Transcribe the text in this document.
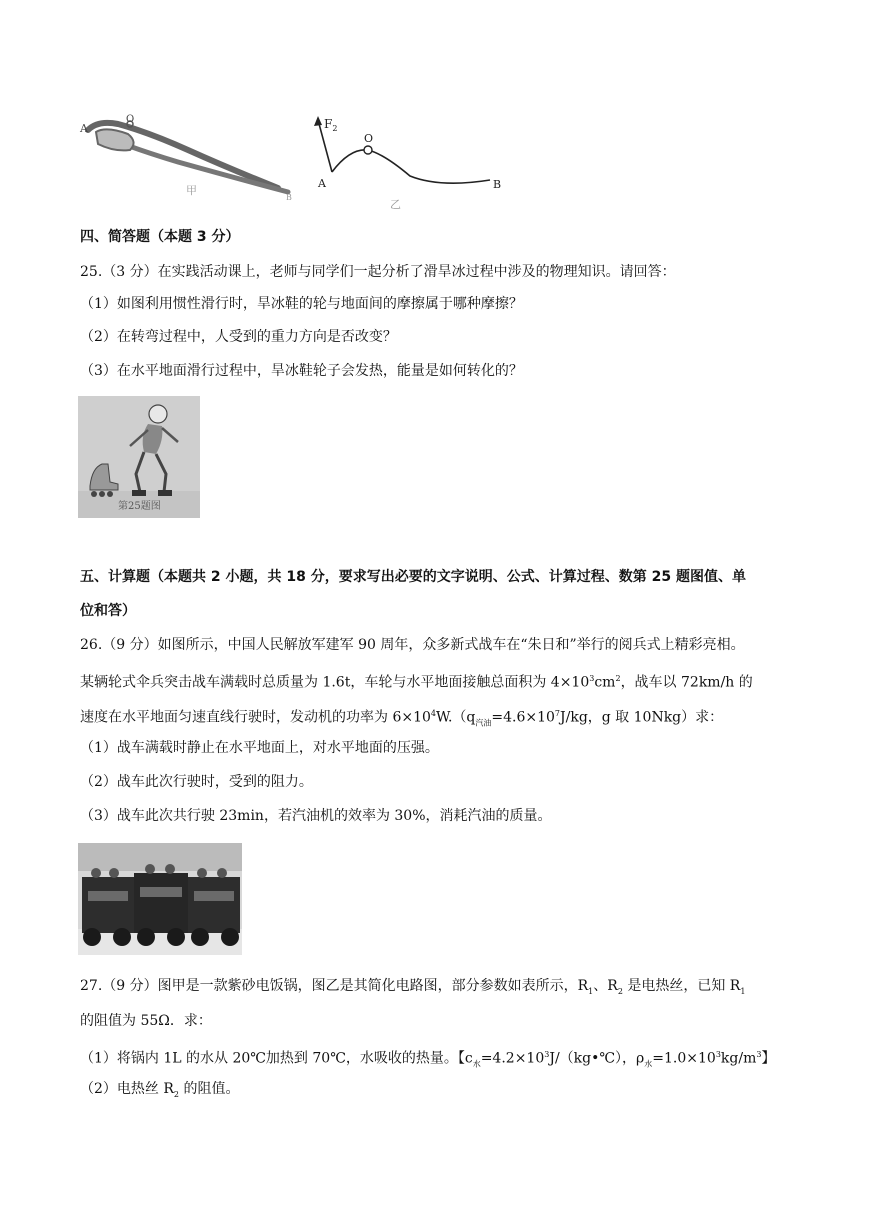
A
O
甲
B
$F_2$
O
A	B
乙
四、简答题（本题 3 分）
25.（3 分）在实践活动课上，老师与同学们一起分析了滑旱冰过程中涉及的物理知识。请回答：
（1）如图利用惯性滑行时，旱冰鞋的轮与地面间的摩擦属于哪种摩擦？
（2）在转弯过程中，人受到的重力方向是否改变？
（3）在水平地面滑行过程中，旱冰鞋轮子会发热，能量是如何转化的？
第25题图
五、计算题（本题共 2 小题，共 18 分，要求写出必要的文字说明、公式、计算过程、数第 25 题图值、单
位和答）
26.（9 分）如图所示，中国人民解放军建军 90 周年，众多新式战车在“朱日和”举行的阅兵式上精彩亮相。
某辆轮式伞兵突击战车满载时总质量为 1.6t，车轮与水平地面接触总面积为 $4\times 10^3cm^2$，战车以 72km/h 的
速度在水平地面匀速直线行驶时，发动机的功率为 $6\times 10^4W.(q_{汽油}=4.6\times 10^7J/kg$，g 取 10Nkg）求：
（1）战车满载时静止在水平地面上，对水平地面的压强。
（2）战车此次行驶时，受到的阻力。
（3）战车此次共行驶 23min，若汽油机的效率为 30%，消耗汽油的质量。
27.（9 分）图甲是一款紫砂电饭锅，图乙是其简化电路图，部分参数如表所示，$R_1$、$R_2$ 是电热丝，已知 $R_1$
的阻值为 55Ω．求：
（1）将锅内 1L 的水从 20℃加热到 70℃，水吸收的热量。【$c_水=4.2\times 10^3J/(kg•℃)$，$\rho_水=1.0\times 10^3kg/m^3$】
（2）电热丝 $R_2$ 的阻值。
